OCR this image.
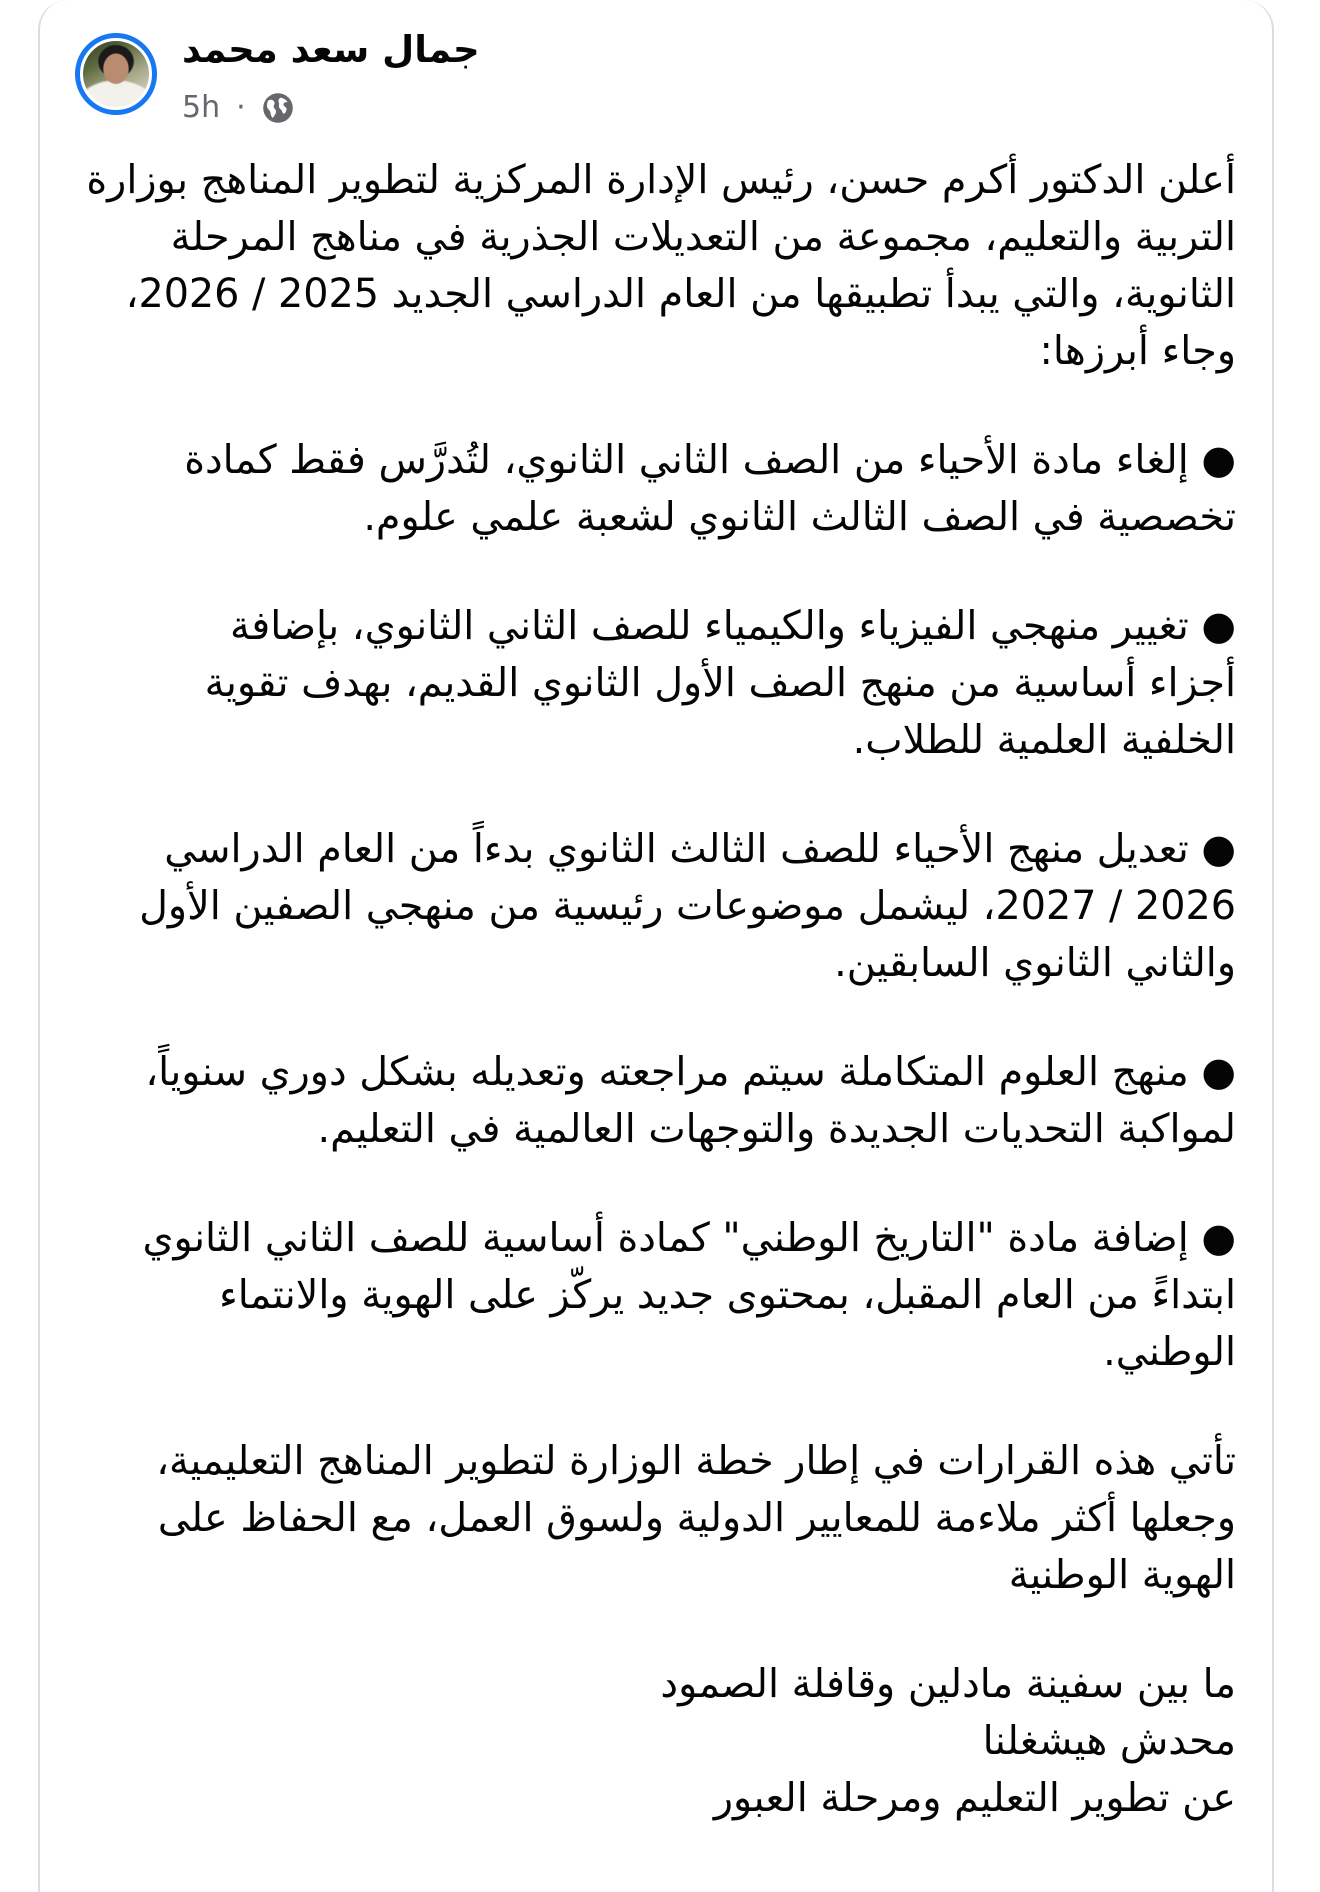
جمال سعد محمد
5h ·
أعلن الدكتور أكرم حسن، رئيس الإدارة المركزية لتطوير المناهج بوزارة
التربية والتعليم، مجموعة من التعديلات الجذرية في مناهج المرحلة
الثانوية، والتي يبدأ تطبيقها من العام الدراسي الجديد 2025 / 2026،
وجاء أبرزها:
● إلغاء مادة الأحياء من الصف الثاني الثانوي، لتُدرَّس فقط كمادة
تخصصية في الصف الثالث الثانوي لشعبة علمي علوم.
● تغيير منهجي الفيزياء والكيمياء للصف الثاني الثانوي، بإضافة
أجزاء أساسية من منهج الصف الأول الثانوي القديم، بهدف تقوية
الخلفية العلمية للطلاب.
● تعديل منهج الأحياء للصف الثالث الثانوي بدءاً من العام الدراسي
2026 / 2027، ليشمل موضوعات رئيسية من منهجي الصفين الأول
والثاني الثانوي السابقين.
● منهج العلوم المتكاملة سيتم مراجعته وتعديله بشكل دوري سنوياً،
لمواكبة التحديات الجديدة والتوجهات العالمية في التعليم.
● إضافة مادة "التاريخ الوطني" كمادة أساسية للصف الثاني الثانوي
ابتداءً من العام المقبل، بمحتوى جديد يركّز على الهوية والانتماء
الوطني.
تأتي هذه القرارات في إطار خطة الوزارة لتطوير المناهج التعليمية،
وجعلها أكثر ملاءمة للمعايير الدولية ولسوق العمل، مع الحفاظ على
الهوية الوطنية
ما بين سفينة مادلين وقافلة الصمود
محدش هيشغلنا
عن تطوير التعليم ومرحلة العبور
